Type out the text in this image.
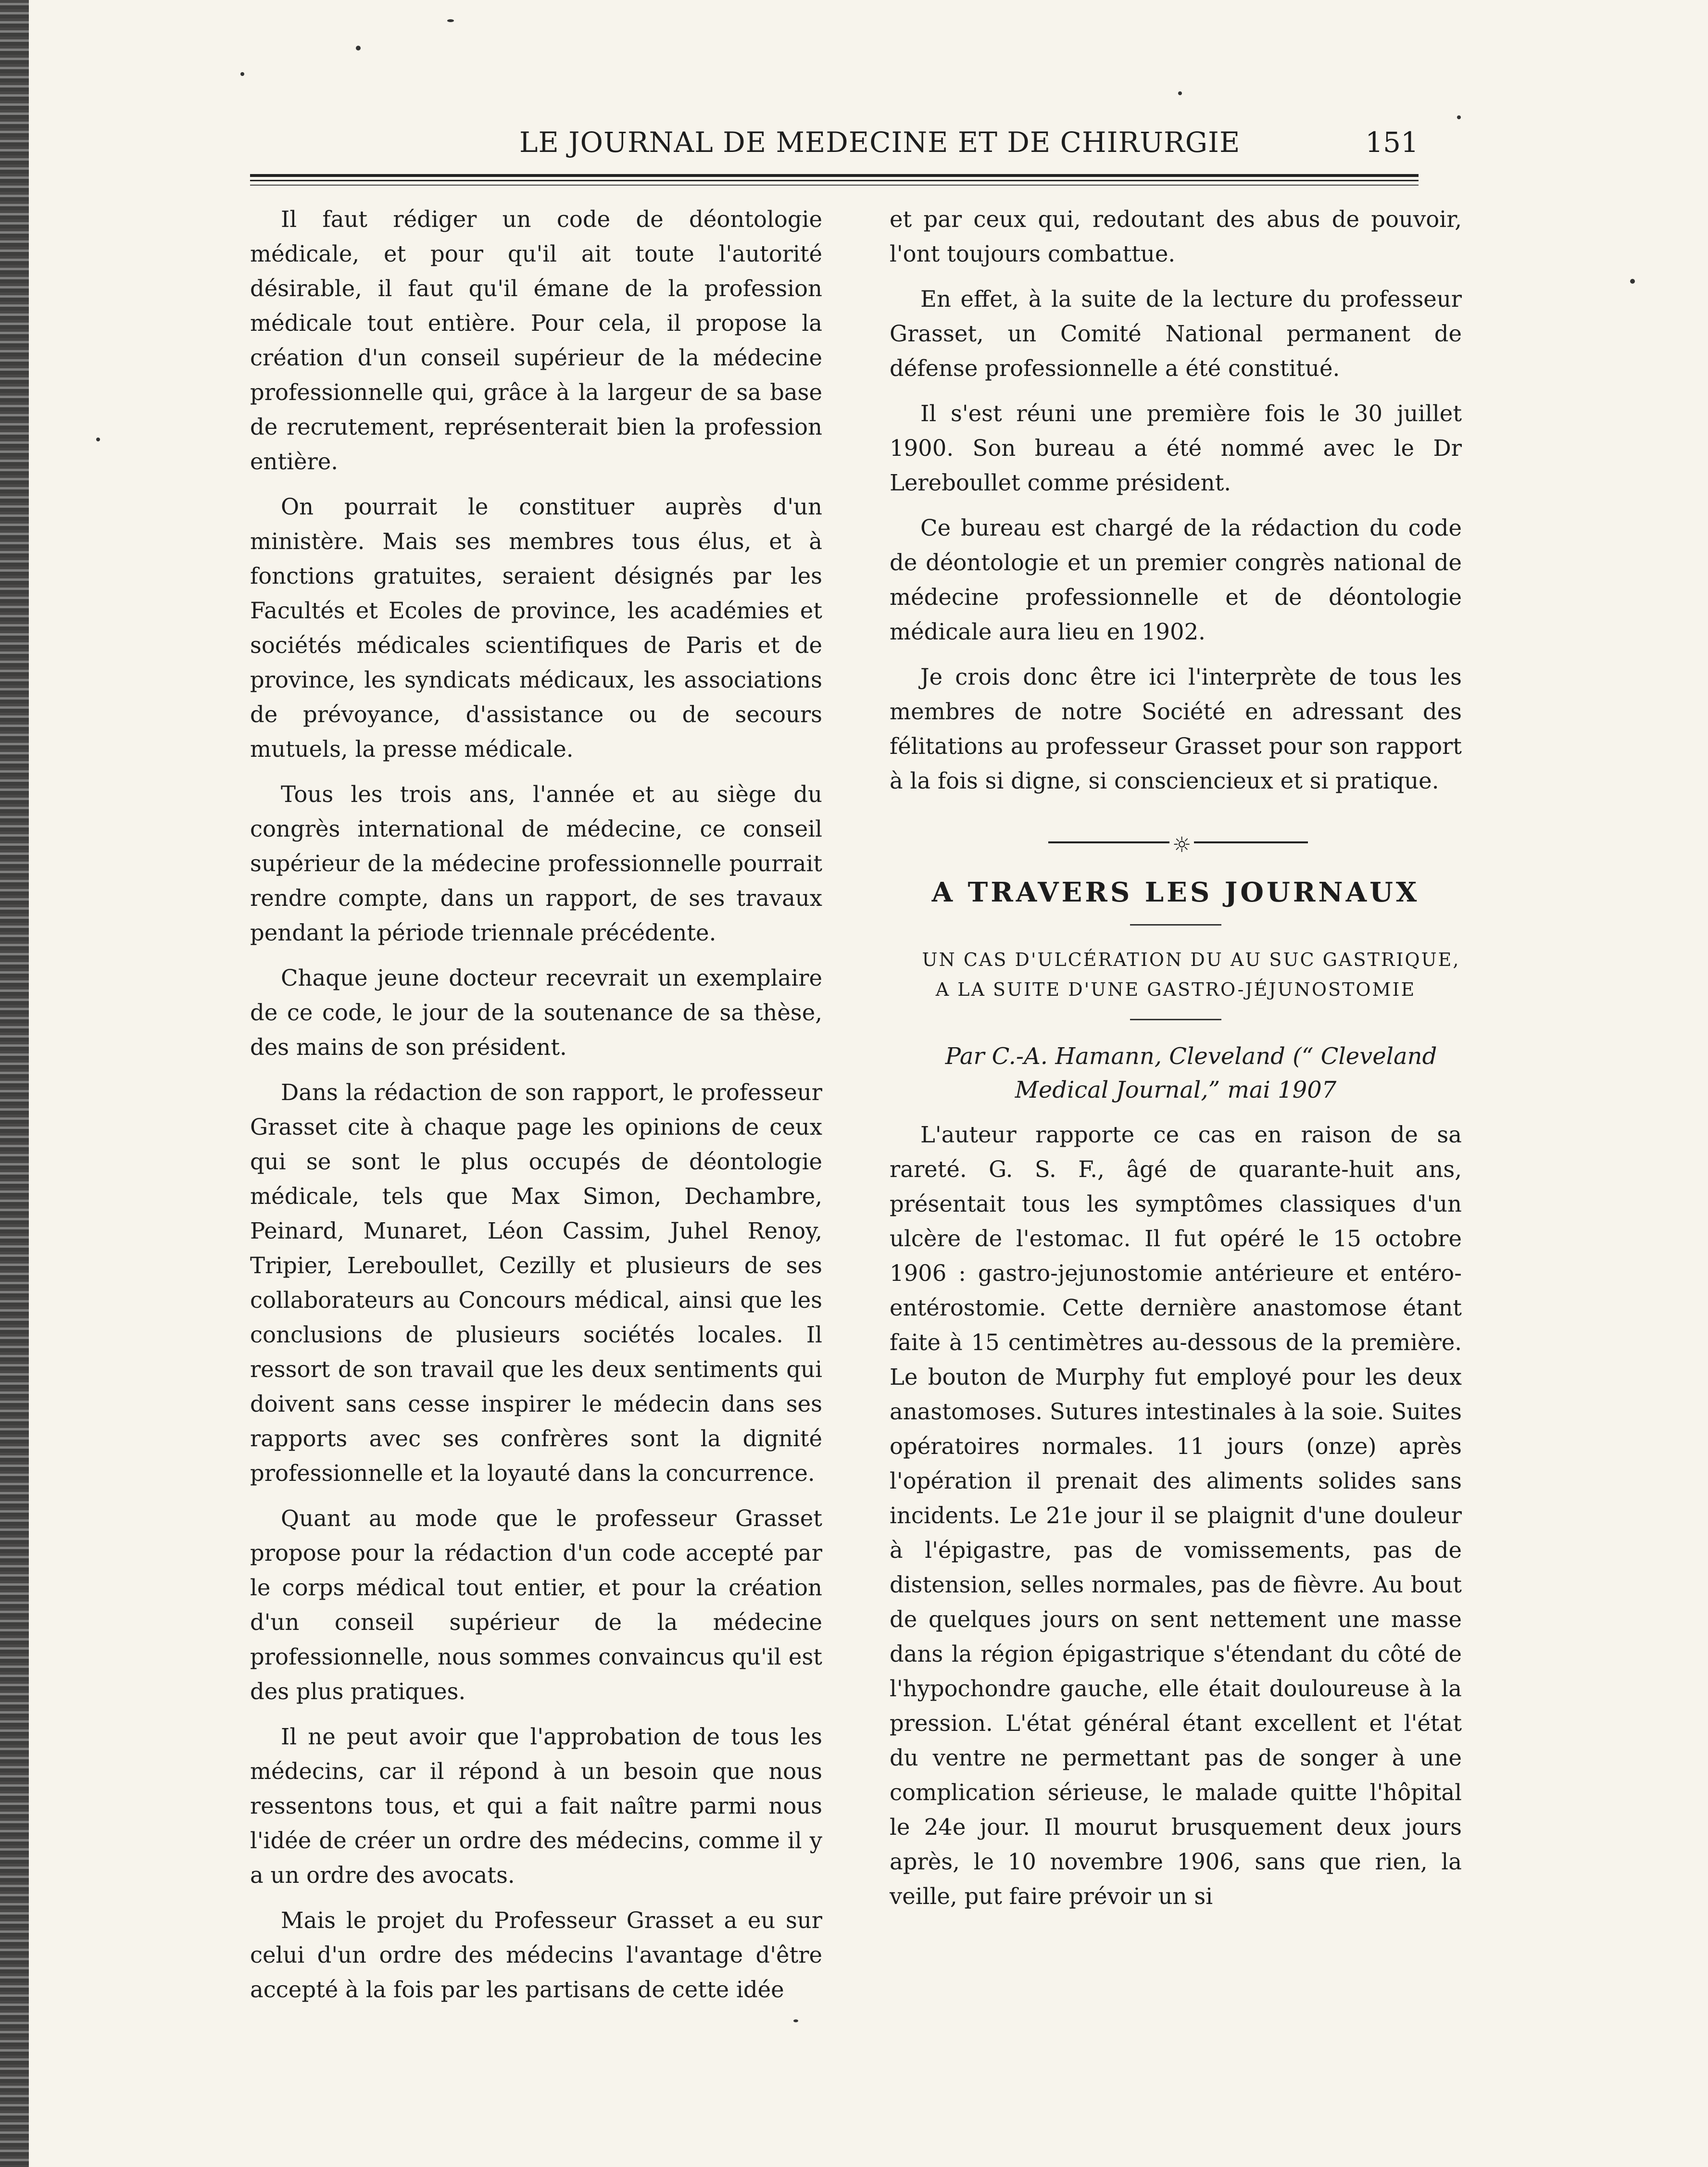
LE JOURNAL DE MEDECINE ET DE CHIRURGIE	151

Il faut rédiger un code de déontologie médicale, et pour qu'il ait toute l'autorité désirable, il faut qu'il émane de la profession médicale tout entière. Pour cela, il propose la création d'un conseil supérieur de la médecine professionnelle qui, grâce à la largeur de sa base de recrutement, représenterait bien la profession entière.

On pourrait le constituer auprès d'un ministère. Mais ses membres tous élus, et à fonctions gratuites, seraient désignés par les Facultés et Ecoles de province, les académies et sociétés médicales scientifiques de Paris et de province, les syndicats médicaux, les associations de prévoyance, d'assistance ou de secours mutuels, la presse médicale.

Tous les trois ans, l'année et au siège du congrès international de médecine, ce conseil supérieur de la médecine professionnelle pourrait rendre compte, dans un rapport, de ses travaux pendant la période triennale précédente.

Chaque jeune docteur recevrait un exemplaire de ce code, le jour de la soutenance de sa thèse, des mains de son président.

Dans la rédaction de son rapport, le professeur Grasset cite à chaque page les opinions de ceux qui se sont le plus occupés de déontologie médicale, tels que Max Simon, Dechambre, Peinard, Munaret, Léon Cassim, Juhel Renoy, Tripier, Lereboullet, Cezilly et plusieurs de ses collaborateurs au Concours médical, ainsi que les conclusions de plusieurs sociétés locales. Il ressort de son travail que les deux sentiments qui doivent sans cesse inspirer le médecin dans ses rapports avec ses confrères sont la dignité professionnelle et la loyauté dans la concurrence.

Quant au mode que le professeur Grasset propose pour la rédaction d'un code accepté par le corps médical tout entier, et pour la création d'un conseil supérieur de la médecine professionnelle, nous sommes convaincus qu'il est des plus pratiques.

Il ne peut avoir que l'approbation de tous les médecins, car il répond à un besoin que nous ressentons tous, et qui a fait naître parmi nous l'idée de créer un ordre des médecins, comme il y a un ordre des avocats.

Mais le projet du Professeur Grasset a eu sur celui d'un ordre des médecins l'avantage d'être accepté à la fois par les partisans de cette idée

et par ceux qui, redoutant des abus de pouvoir, l'ont toujours combattue.

En effet, à la suite de la lecture du professeur Grasset, un Comité National permanent de défense professionnelle a été constitué.

Il s'est réuni une première fois le 30 juillet 1900. Son bureau a été nommé avec le Dr Lereboullet comme président.

Ce bureau est chargé de la rédaction du code de déontologie et un premier congrès national de médecine professionnelle et de déontologie médicale aura lieu en 1902.

Je crois donc être ici l'interprète de tous les membres de notre Société en adressant des félitations au professeur Grasset pour son rapport à la fois si digne, si consciencieux et si pratique.

☼
A TRAVERS LES JOURNAUX

UN CAS D'ULCÉRATION DU AU SUC GASTRIQUE, A LA SUITE D'UNE GASTRO-JÉJUNOSTOMIE

Par C.-A. Hamann, Cleveland (“ Cleveland Medical Journal,” mai 1907

L'auteur rapporte ce cas en raison de sa rareté. G. S. F., âgé de quarante-huit ans, présentait tous les symptômes classiques d'un ulcère de l'estomac. Il fut opéré le 15 octobre 1906 : gastro-jejunostomie antérieure et entéro-entérostomie. Cette dernière anastomose étant faite à 15 centimètres au-dessous de la première. Le bouton de Murphy fut employé pour les deux anastomoses. Sutures intestinales à la soie. Suites opératoires normales. 11 jours (onze) après l'opération il prenait des aliments solides sans incidents. Le 21e jour il se plaignit d'une douleur à l'épigastre, pas de vomissements, pas de distension, selles normales, pas de fièvre. Au bout de quelques jours on sent nettement une masse dans la région épigastrique s'étendant du côté de l'hypochondre gauche, elle était douloureuse à la pression. L'état général étant excellent et l'état du ventre ne permettant pas de songer à une complication sérieuse, le malade quitte l'hôpital le 24e jour. Il mourut brusquement deux jours après, le 10 novembre 1906, sans que rien, la veille, put faire prévoir un si
